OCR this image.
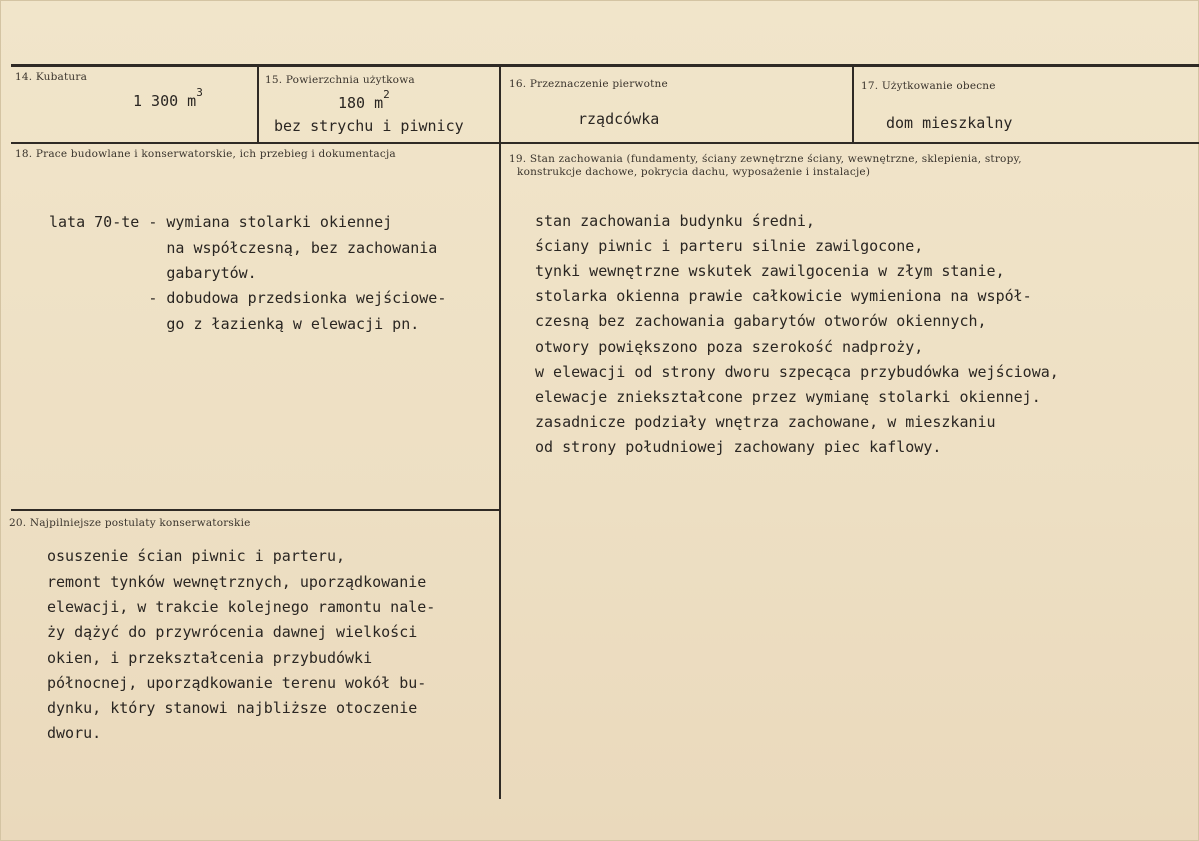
14. Kubatura
1 300 $m^3$
15. Powierzchnia użytkowa
180 $m^2$
bez strychu i piwnicy
16. Przeznaczenie pierwotne
rządcówka
17. Użytkowanie obecne
dom mieszkalny
18. Prace budowlane i konserwatorskie, ich przebieg i dokumentacja
lata 70-te - wymiana stolarki okiennej
na współczesną, bez zachowania
gabarytów.
- dobudowa przedsionka wejściowe-
go z łazienką w elewacji pn.
19. Stan zachowania (fundamenty, ściany zewnętrzne ściany, wewnętrzne, sklepienia, stropy,
konstrukcje dachowe, pokrycia dachu, wyposażenie i instalacje)
stan zachowania budynku średni,
ściany piwnic i parteru silnie zawilgocone,
tynki wewnętrzne wskutek zawilgocenia w złym stanie,
stolarka okienna prawie całkowicie wymieniona na współ-
czesną bez zachowania gabarytów otworów okiennych,
otwory powiększono poza szerokość nadproży,
w elewacji od strony dworu szpecąca przybudówka wejściowa,
elewacje zniekształcone przez wymianę stolarki okiennej.
zasadnicze podziały wnętrza zachowane, w mieszkaniu
od strony południowej zachowany piec kaflowy.
20. Najpilniejsze postulaty konserwatorskie
osuszenie ścian piwnic i parteru,
remont tynków wewnętrznych, uporządkowanie
elewacji, w trakcie kolejnego ramontu nale-
ży dążyć do przywrócenia dawnej wielkości
okien, i przekształcenia przybudówki
północnej, uporządkowanie terenu wokół bu-
dynku, który stanowi najbliższe otoczenie
dworu.
